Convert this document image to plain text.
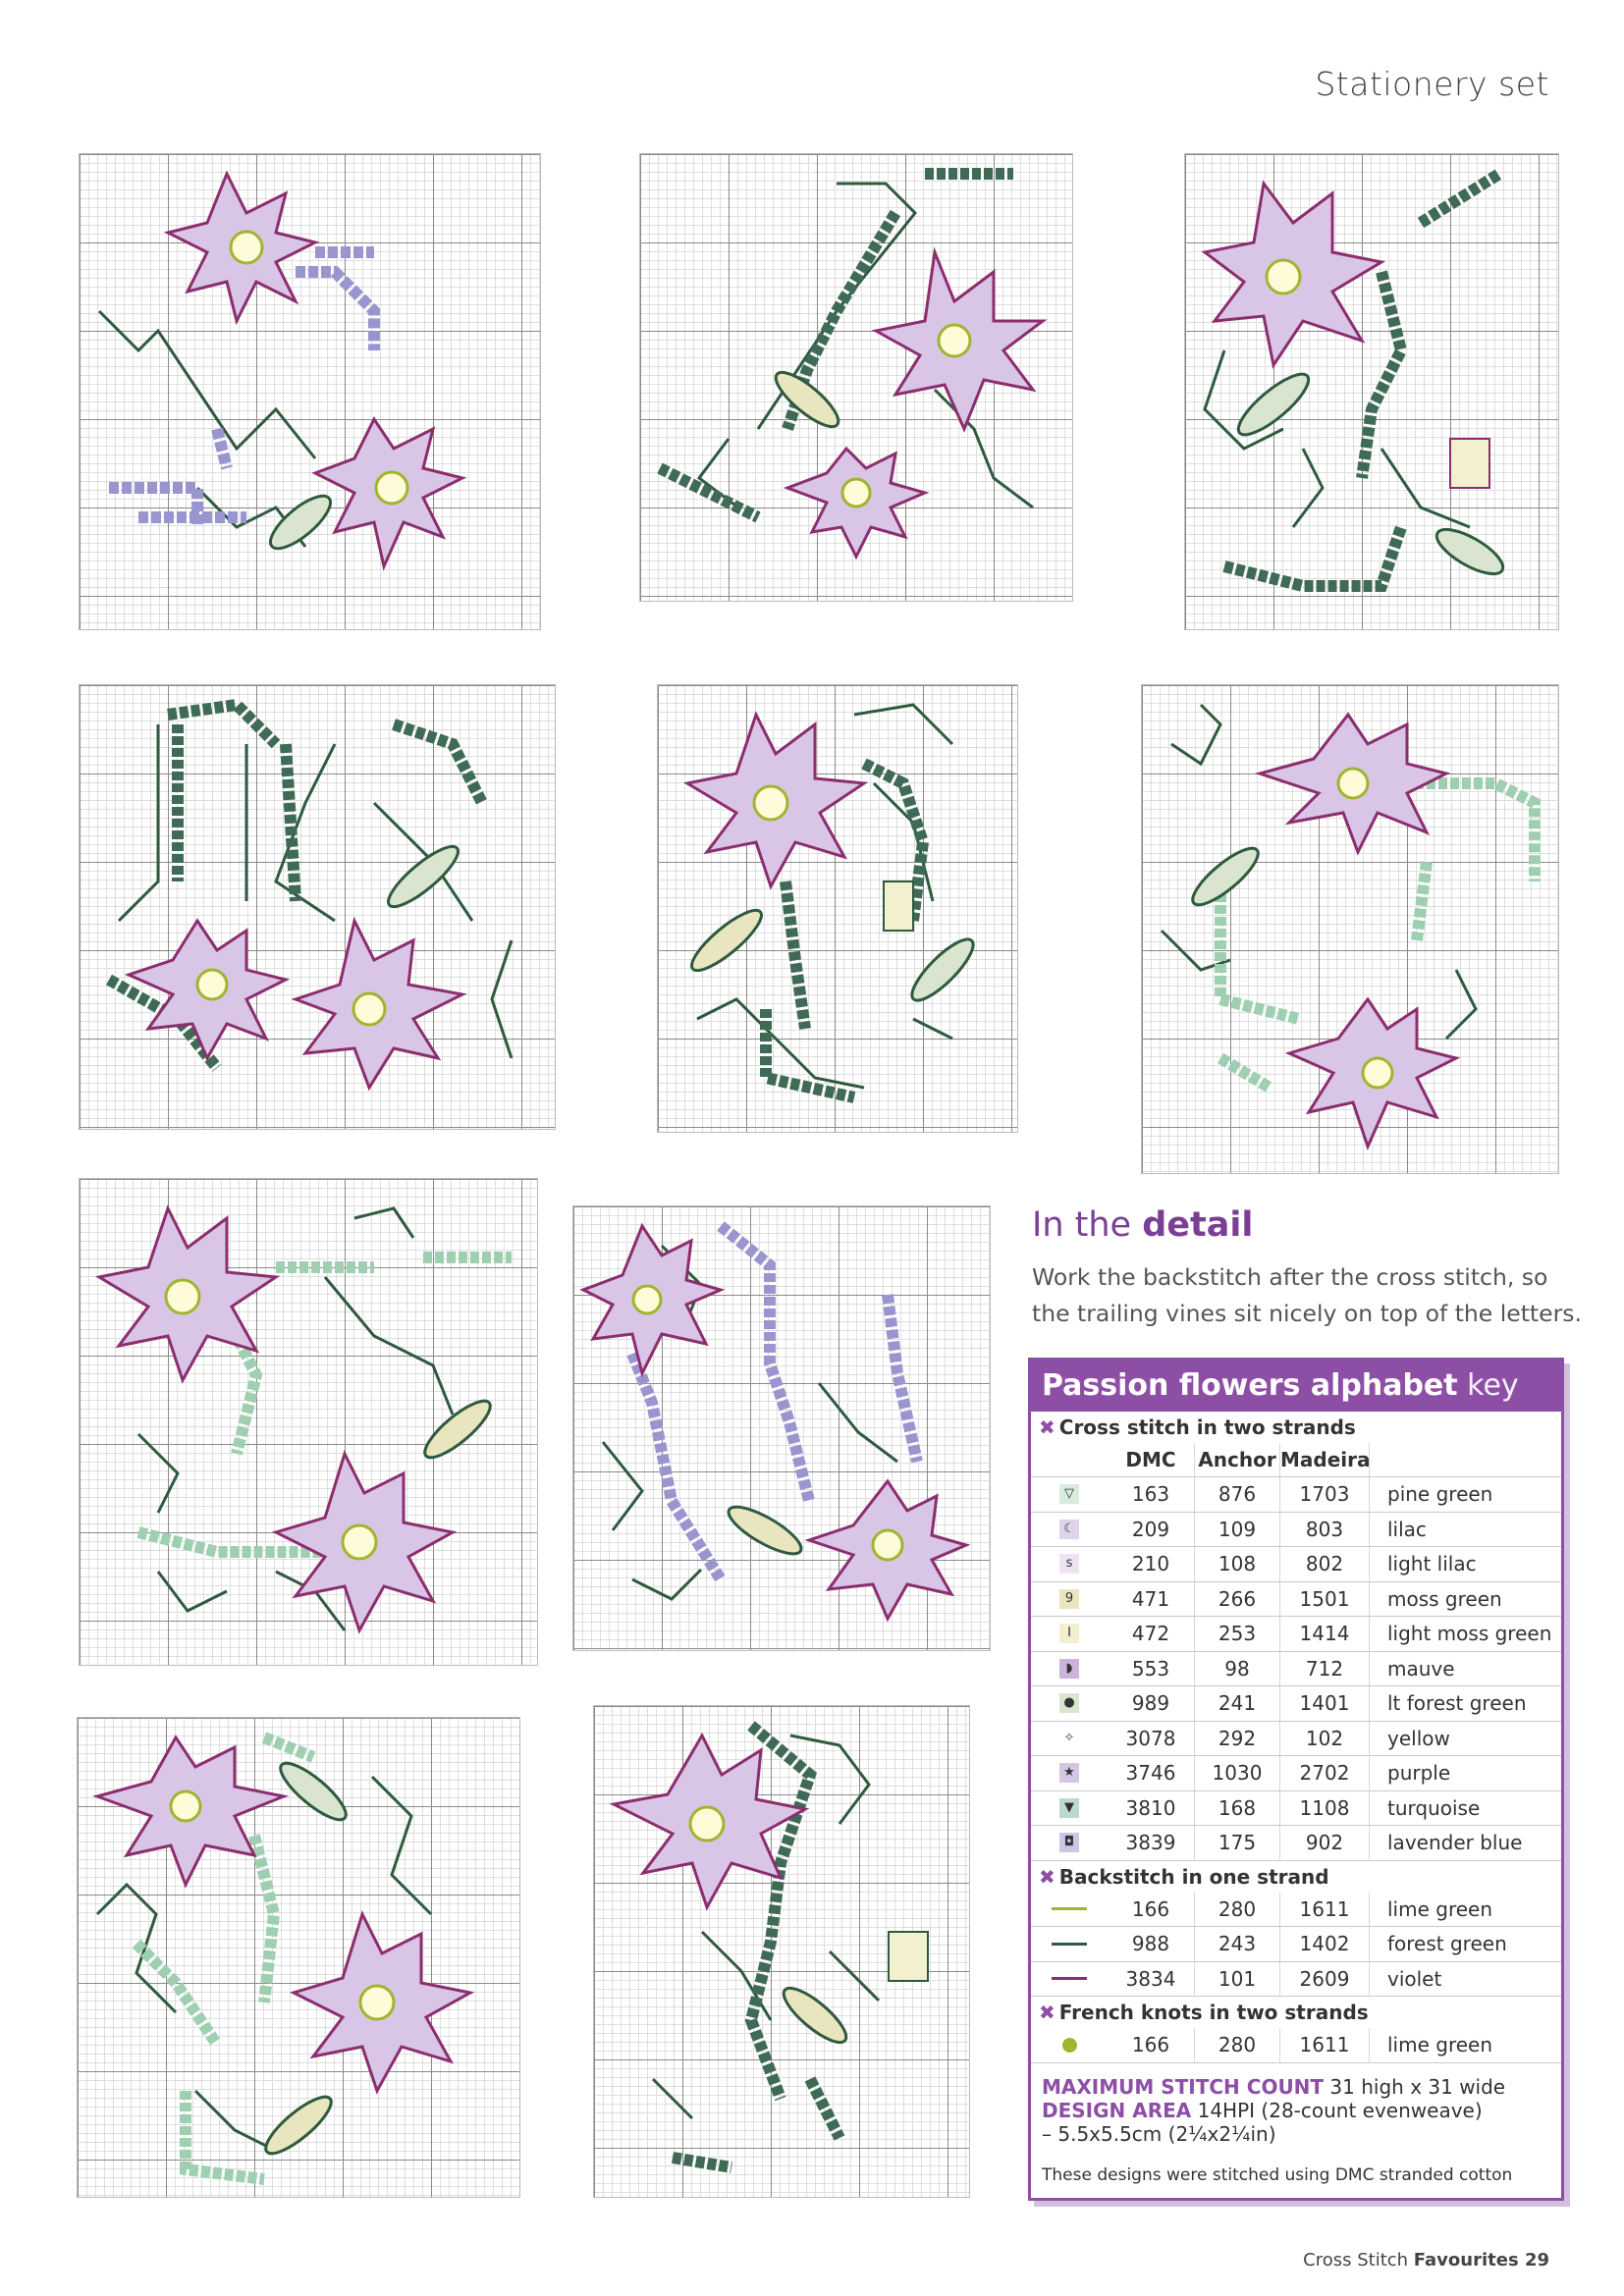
Stationery set
In the detail
Work the backstitch after the cross stitch, so the trailing vines sit nicely on top of the letters.
Passion flowers alphabet key
✖ Cross stitch in two strands
DMC	Anchor Madeira
▽	163	876	1703	pine green
☾	209	109	803	lilac
s	210	108	802	light lilac
9	471	266	1501	moss green
I	472	253	1414	light moss green
◗	553	98	712	mauve
●	989	241	1401	lt forest green
✧	3078	292	102	yellow
★	3746	1030	2702	purple
▼	3810	168	1108	turquoise
◘	3839	175	902	lavender blue
✖ Backstitch in one strand
166	280	1611	lime green
988	243	1402	forest green
3834	101	2609	violet
✖ French knots in two strands
166	280	1611	lime green
MAXIMUM STITCH COUNT 31 high x 31 wide
DESIGN AREA 14HPI (28-count evenweave)
– 5.5x5.5cm (2¼x2¼in)
These designs were stitched using DMC stranded cotton
Cross Stitch Favourites 29
